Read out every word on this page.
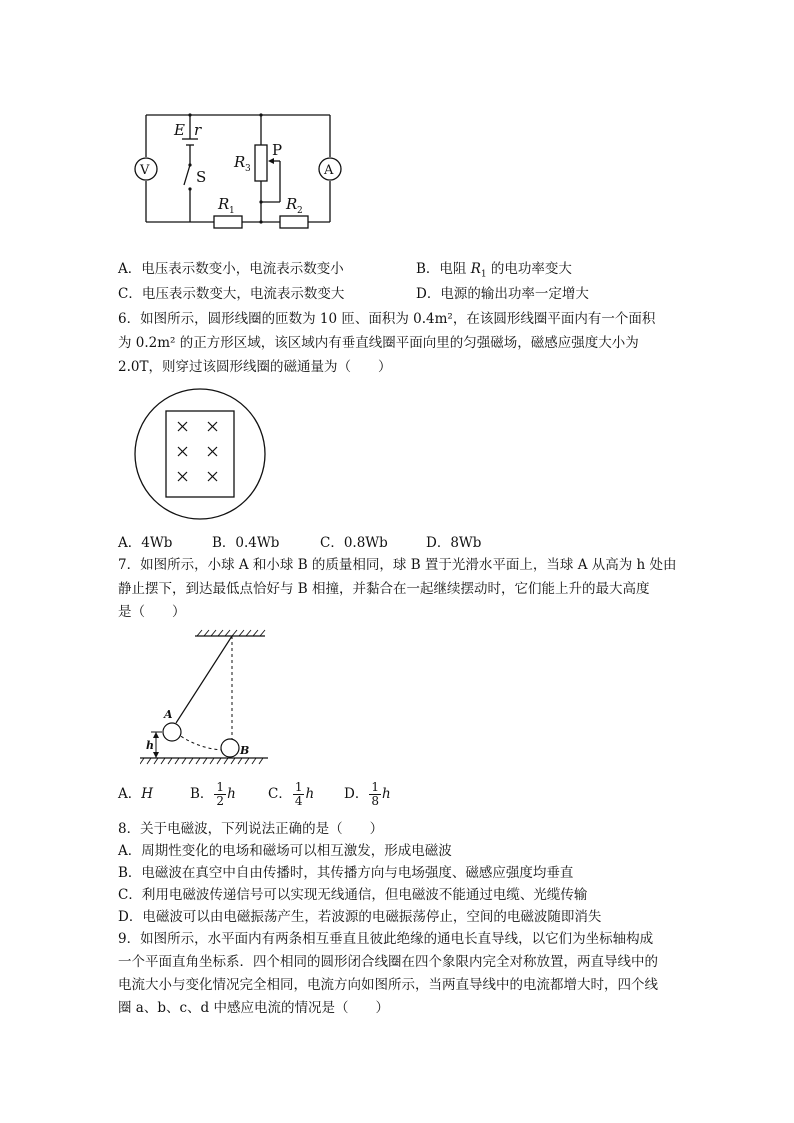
V	A
E r
S
R 3
P
R 1	R 2
A．电压表示数变小，电流表示数变小	B．电阻 $R_1$ 的电功率变大
C．电压表示数变大，电流表示数变大	D．电源的输出功率一定增大
6．如图所示，圆形线圈的匝数为 10 匝、面积为 0.4m²，在该圆形线圈平面内有一个面积
为 0.2m² 的正方形区域，该区域内有垂直线圈平面向里的匀强磁场，磁感应强度大小为
2.0T，则穿过该圆形线圈的磁通量为（　　）
A．4Wb	B．0.4Wb	C．0.8Wb	D．8Wb
7．如图所示，小球 A 和小球 B 的质量相同，球 B 置于光滑水平面上，当球 A 从高为 h 处由
静止摆下，到达最低点恰好与 B 相撞，并黏合在一起继续摆动时，它们能上升的最大高度
是（　　）
A
B
h
A．H	B． $\frac{1}{2}$ h C． $\frac{1}{4}$ h D． $\frac{1}{8}$ h
8．关于电磁波，下列说法正确的是（　　）
A．周期性变化的电场和磁场可以相互激发，形成电磁波
B．电磁波在真空中自由传播时，其传播方向与电场强度、磁感应强度均垂直
C．利用电磁波传递信号可以实现无线通信，但电磁波不能通过电缆、光缆传输
D．电磁波可以由电磁振荡产生，若波源的电磁振荡停止，空间的电磁波随即消失
9．如图所示，水平面内有两条相互垂直且彼此绝缘的通电长直导线，以它们为坐标轴构成
一个平面直角坐标系．四个相同的圆形闭合线圈在四个象限内完全对称放置，两直导线中的
电流大小与变化情况完全相同，电流方向如图所示，当两直导线中的电流都增大时，四个线
圈 a、b、c、d 中感应电流的情况是（　　）
